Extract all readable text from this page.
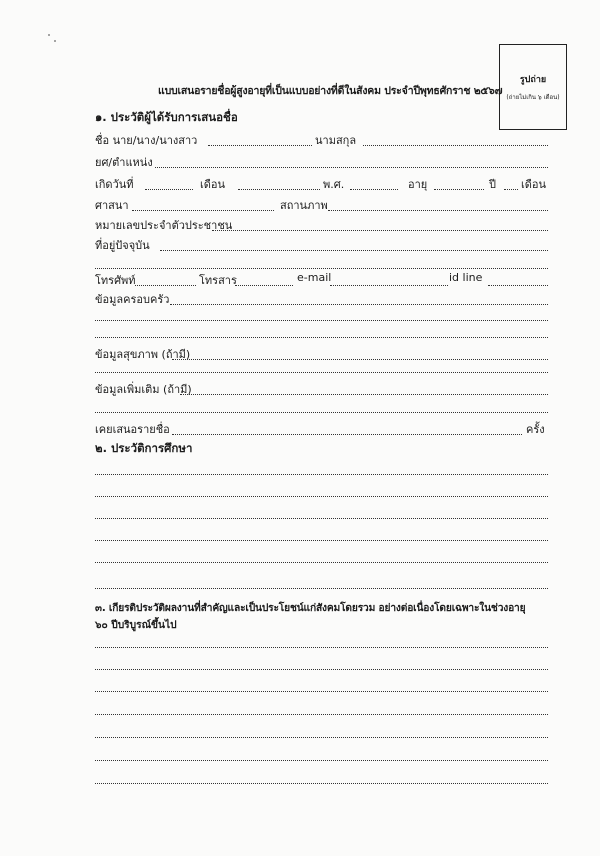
รูปถ่าย
(ถ่ายไม่เกิน ๖ เดือน)
แบบเสนอรายชื่อผู้สูงอายุที่เป็นแบบอย่างที่ดีในสังคม ประจำปีพุทธศักราช ๒๕๖๗
๑. ประวัติผู้ได้รับการเสนอชื่อ
ชื่อ นาย/นาง/นางสาว	นามสกุล
ยศ/ตำแหน่ง
เกิดวันที่	เดือน	พ.ศ.	อายุ	ปี เดือน
ศาสนา	สถานภาพ
หมายเลขประจำตัวประชาชน
ที่อยู่ปัจจุบัน
โทรศัพท์	โทรสาร	e-mail	id line
ข้อมูลครอบครัว
ข้อมูลสุขภาพ (ถ้ามี)
ข้อมูลเพิ่มเติม (ถ้ามี)
เคยเสนอรายชื่อ	ครั้ง
๒. ประวัติการศึกษา
๓. เกียรติประวัติผลงานที่สำคัญและเป็นประโยชน์แก่สังคมโดยรวม อย่างต่อเนื่องโดยเฉพาะในช่วงอายุ
๖๐ ปีบริบูรณ์ขึ้นไป
